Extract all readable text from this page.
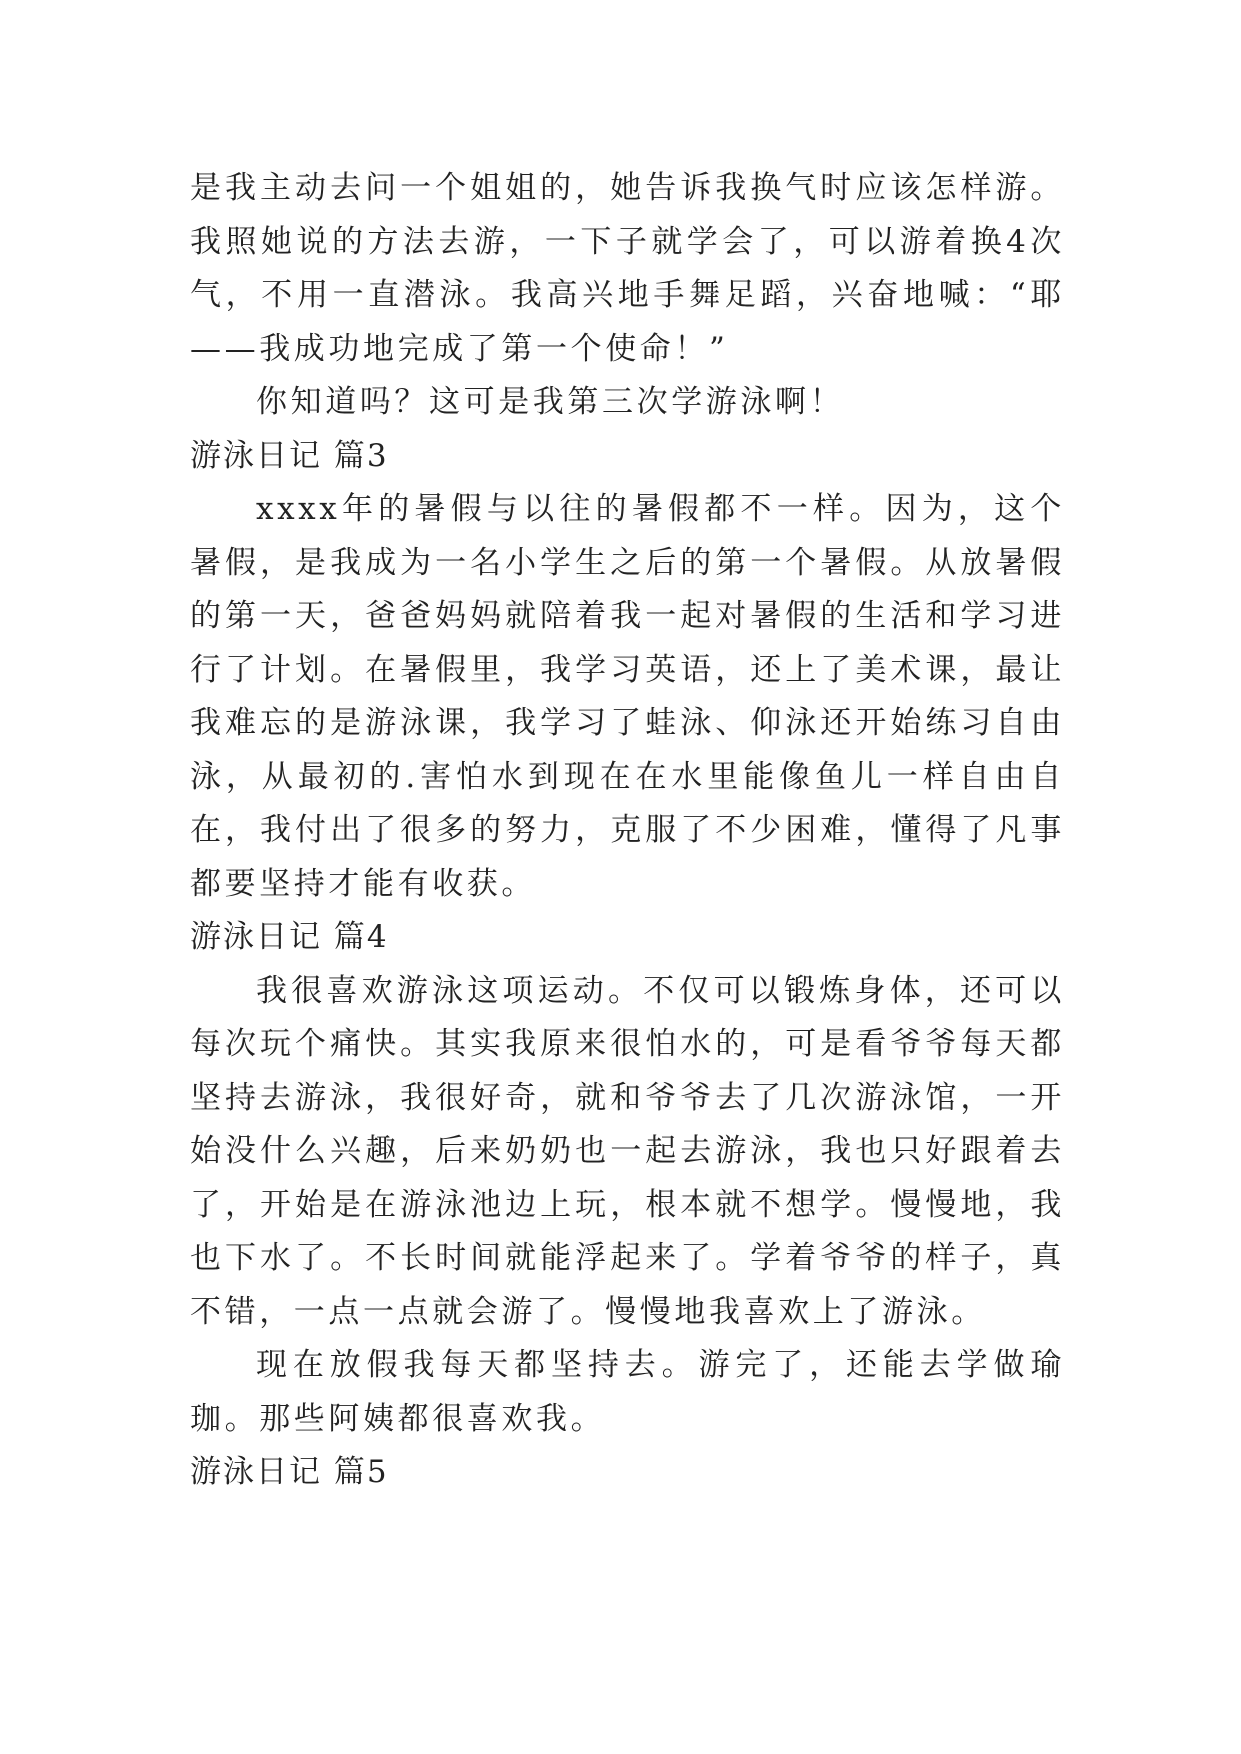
是我主动去问一个姐姐的，她告诉我换气时应该怎样游。我照她说的方法去游，一下子就学会了，可以游着换4次气，不用一直潜泳。我高兴地手舞足蹈，兴奋地喊：“耶——我成功地完成了第一个使命！”

你知道吗？这可是我第三次学游泳啊！

游泳日记 篇3

xxxx年的暑假与以往的暑假都不一样。因为，这个暑假，是我成为一名小学生之后的第一个暑假。从放暑假的第一天，爸爸妈妈就陪着我一起对暑假的生活和学习进行了计划。在暑假里，我学习英语，还上了美术课，最让我难忘的是游泳课，我学习了蛙泳、仰泳还开始练习自由泳，从最初的.害怕水到现在在水里能像鱼儿一样自由自在，我付出了很多的努力，克服了不少困难，懂得了凡事都要坚持才能有收获。

游泳日记 篇4

我很喜欢游泳这项运动。不仅可以锻炼身体，还可以每次玩个痛快。其实我原来很怕水的，可是看爷爷每天都坚持去游泳，我很好奇，就和爷爷去了几次游泳馆，一开始没什么兴趣，后来奶奶也一起去游泳，我也只好跟着去了，开始是在游泳池边上玩，根本就不想学。慢慢地，我也下水了。不长时间就能浮起来了。学着爷爷的样子，真不错，一点一点就会游了。慢慢地我喜欢上了游泳。

现在放假我每天都坚持去。游完了，还能去学做瑜珈。那些阿姨都很喜欢我。

游泳日记 篇5
